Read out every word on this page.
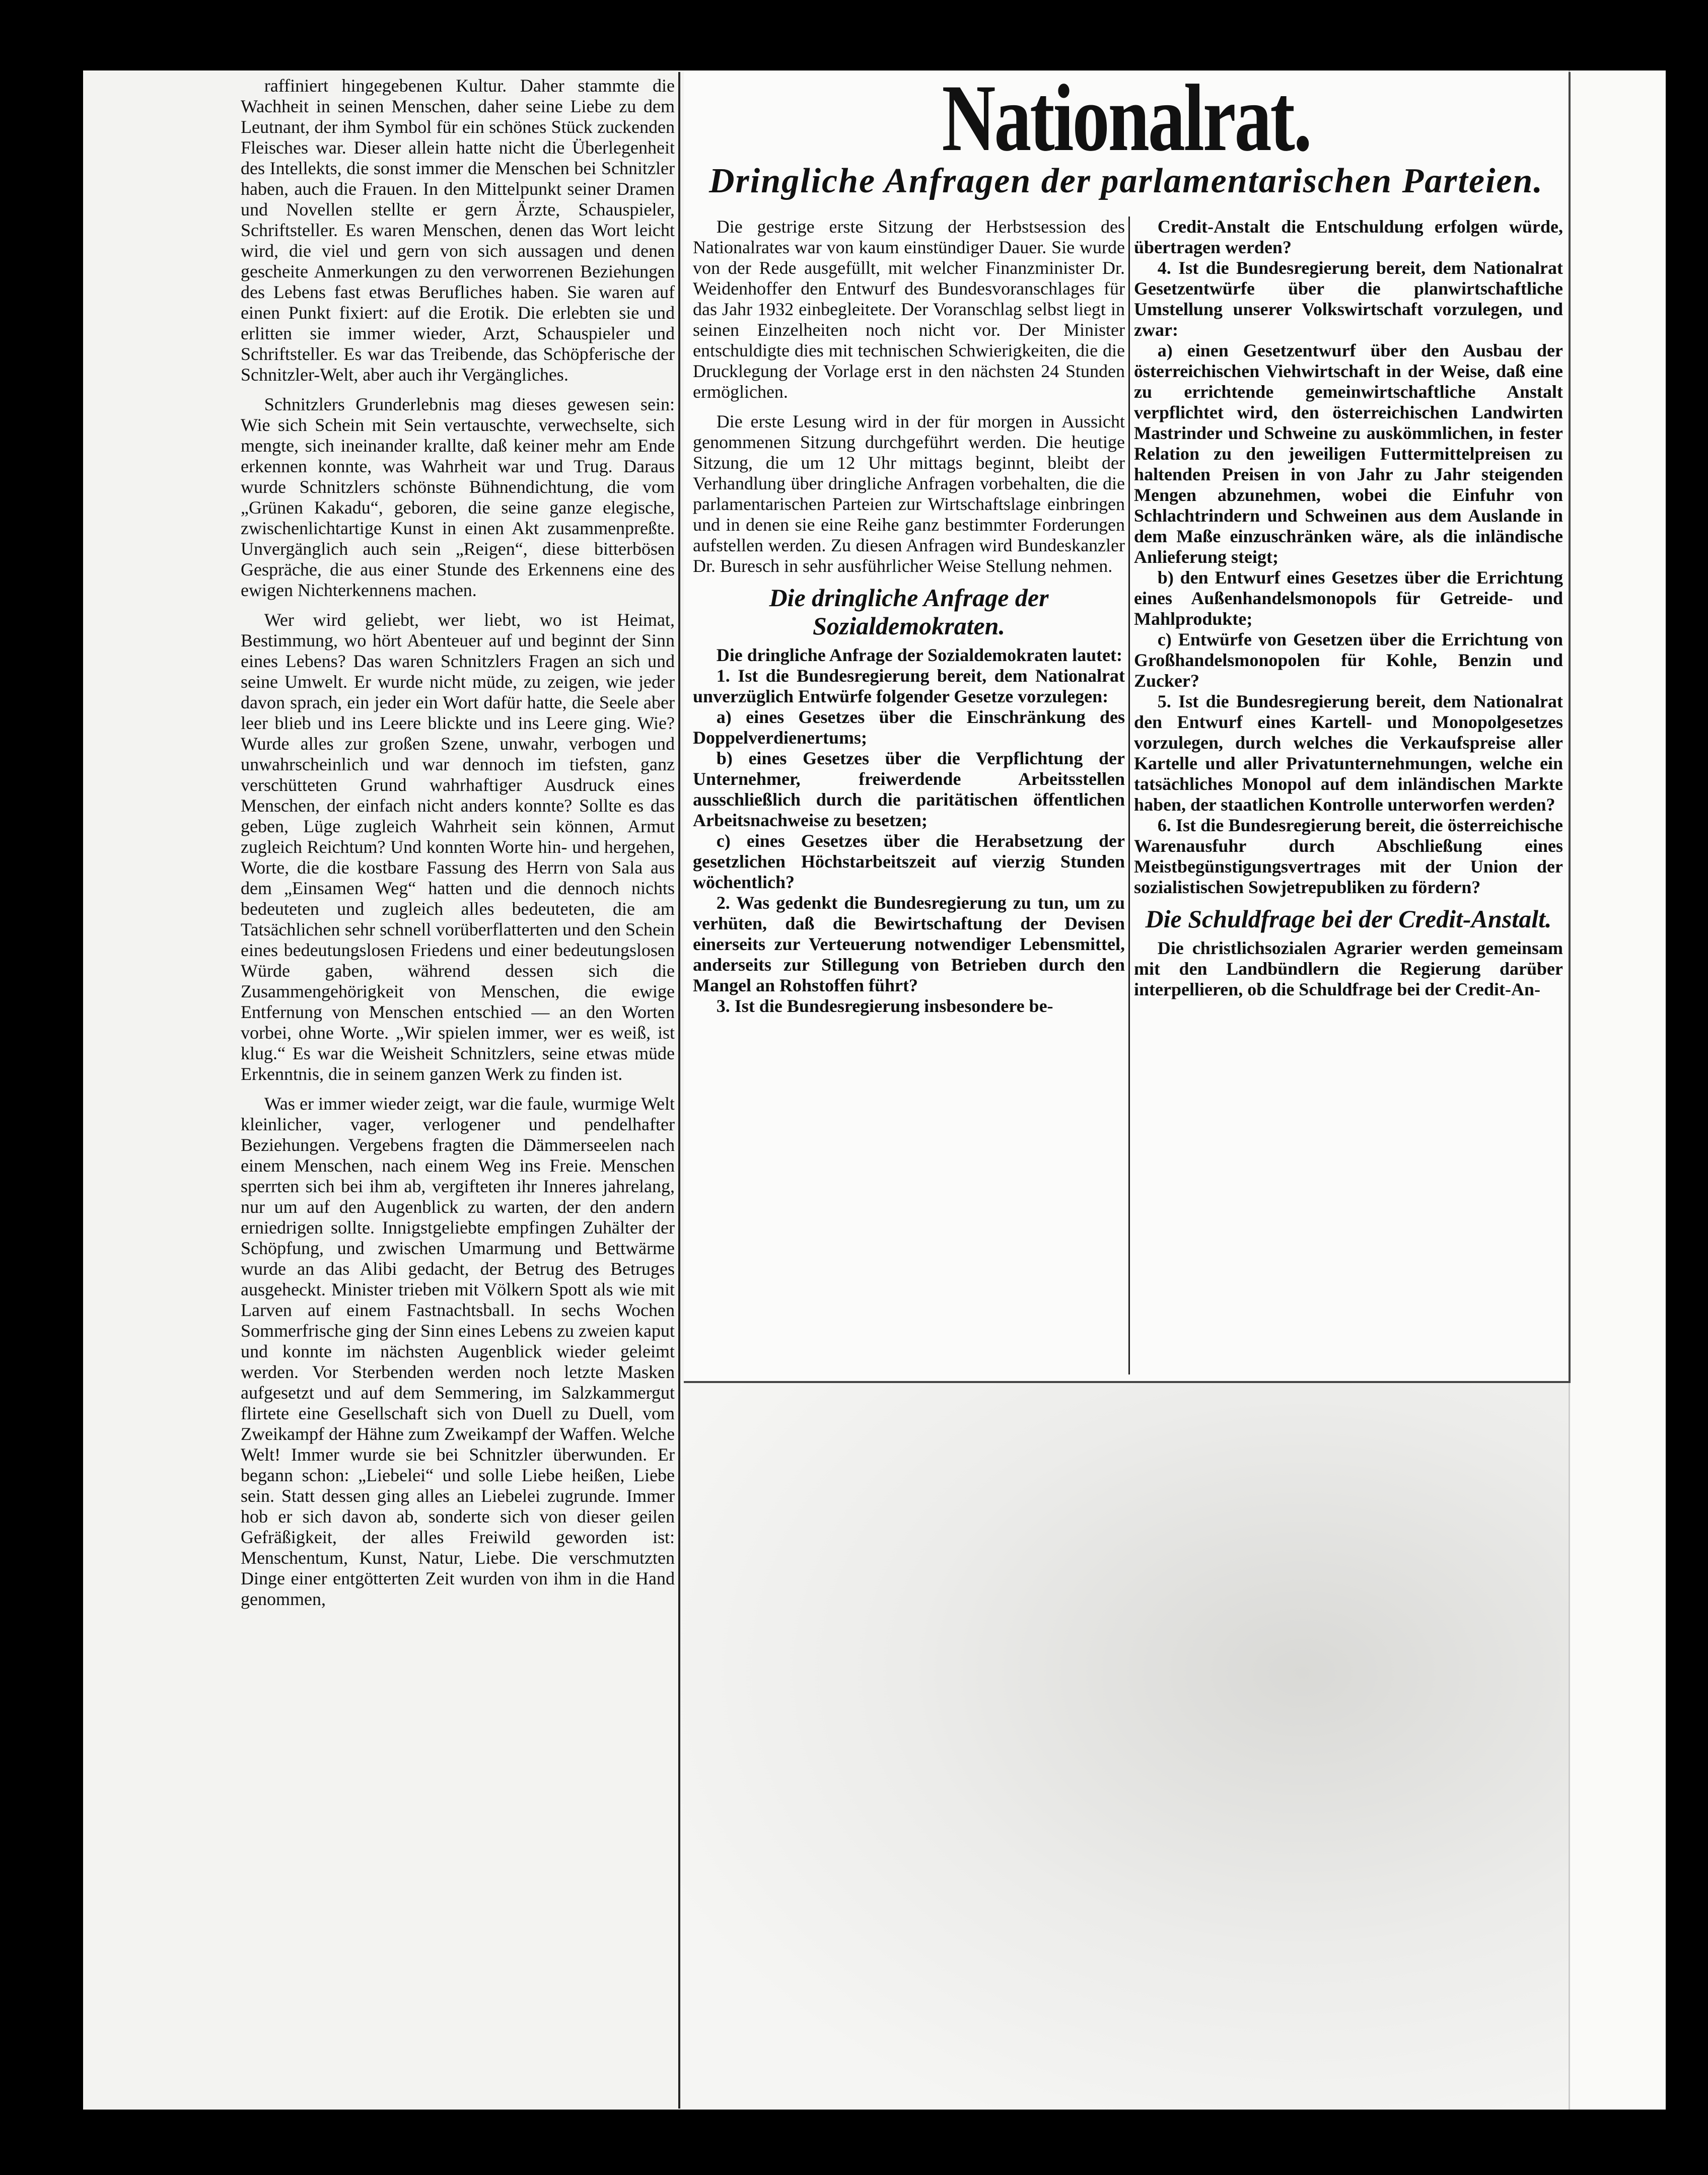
raffiniert hingegebenen Kultur. Daher stammte die Wachheit in seinen Menschen, daher seine Liebe zu dem Leutnant, der ihm Symbol für ein schönes Stück zuckenden Fleisches war. Dieser allein hatte nicht die Überlegenheit des Intellekts, die sonst immer die Menschen bei Schnitzler haben, auch die Frauen. In den Mittelpunkt seiner Dramen und Novellen stellte er gern Ärzte, Schauspieler, Schriftsteller. Es waren Menschen, denen das Wort leicht wird, die viel und gern von sich aussagen und denen gescheite Anmerkungen zu den verworrenen Beziehungen des Lebens fast etwas Berufliches haben. Sie waren auf einen Punkt fixiert: auf die Erotik. Die erlebten sie und erlitten sie immer wieder, Arzt, Schauspieler und Schriftsteller. Es war das Treibende, das Schöpferische der Schnitzler-Welt, aber auch ihr Vergängliches.

Schnitzlers Grunderlebnis mag dieses gewesen sein: Wie sich Schein mit Sein vertauschte, verwechselte, sich mengte, sich ineinander krallte, daß keiner mehr am Ende erkennen konnte, was Wahrheit war und Trug. Daraus wurde Schnitzlers schönste Bühnendichtung, die vom „Grünen Kakadu“, geboren, die seine ganze elegische, zwischenlichtartige Kunst in einen Akt zusammenpreßte. Unvergänglich auch sein „Reigen“, diese bitterbösen Gespräche, die aus einer Stunde des Erkennens eine des ewigen Nichterkennens machen.

Wer wird geliebt, wer liebt, wo ist Heimat, Bestimmung, wo hört Abenteuer auf und beginnt der Sinn eines Lebens? Das waren Schnitzlers Fragen an sich und seine Umwelt. Er wurde nicht müde, zu zeigen, wie jeder davon sprach, ein jeder ein Wort dafür hatte, die Seele aber leer blieb und ins Leere blickte und ins Leere ging. Wie? Wurde alles zur großen Szene, unwahr, verbogen und unwahrscheinlich und war dennoch im tiefsten, ganz verschütteten Grund wahrhaftiger Ausdruck eines Menschen, der einfach nicht anders konnte? Sollte es das geben, Lüge zugleich Wahrheit sein können, Armut zugleich Reichtum? Und konnten Worte hin- und hergehen, Worte, die die kostbare Fassung des Herrn von Sala aus dem „Einsamen Weg“ hatten und die dennoch nichts bedeuteten und zugleich alles bedeuteten, die am Tatsächlichen sehr schnell vorüberflatterten und den Schein eines bedeutungslosen Friedens und einer bedeutungslosen Würde gaben, während dessen sich die Zusammengehörigkeit von Menschen, die ewige Entfernung von Menschen entschied — an den Worten vorbei, ohne Worte. „Wir spielen immer, wer es weiß, ist klug.“ Es war die Weisheit Schnitzlers, seine etwas müde Erkenntnis, die in seinem ganzen Werk zu finden ist.

Was er immer wieder zeigt, war die faule, wurmige Welt kleinlicher, vager, verlogener und pendelhafter Beziehungen. Vergebens fragten die Dämmerseelen nach einem Menschen, nach einem Weg ins Freie. Menschen sperrten sich bei ihm ab, vergifteten ihr Inneres jahrelang, nur um auf den Augenblick zu warten, der den andern erniedrigen sollte. Innigstgeliebte empfingen Zuhälter der Schöpfung, und zwischen Umarmung und Bettwärme wurde an das Alibi gedacht, der Betrug des Betruges ausgeheckt. Minister trieben mit Völkern Spott als wie mit Larven auf einem Fastnachtsball. In sechs Wochen Sommerfrische ging der Sinn eines Lebens zu zweien kaput und konnte im nächsten Augenblick wieder geleimt werden. Vor Sterbenden werden noch letzte Masken aufgesetzt und auf dem Semmering, im Salzkammergut flirtete eine Gesellschaft sich von Duell zu Duell, vom Zweikampf der Hähne zum Zweikampf der Waffen. Welche Welt! Immer wurde sie bei Schnitzler überwunden. Er begann schon: „Liebelei“ und solle Liebe heißen, Liebe sein. Statt dessen ging alles an Liebelei zugrunde. Immer hob er sich davon ab, sonderte sich von dieser geilen Gefräßigkeit, der alles Freiwild geworden ist: Menschentum, Kunst, Natur, Liebe. Die verschmutzten Dinge einer entgötterten Zeit wurden von ihm in die Hand genommen,

Nationalrat.
Dringliche Anfragen der parlamentarischen Parteien.

Die gestrige erste Sitzung der Herbstsession des Nationalrates war von kaum einstündiger Dauer. Sie wurde von der Rede ausgefüllt, mit welcher Finanzminister Dr. Weidenhoffer den Entwurf des Bundesvoranschlages für das Jahr 1932 einbegleitete. Der Voranschlag selbst liegt in seinen Einzelheiten noch nicht vor. Der Minister entschuldigte dies mit technischen Schwierigkeiten, die die Drucklegung der Vorlage erst in den nächsten 24 Stunden ermöglichen.

Die erste Lesung wird in der für morgen in Aussicht genommenen Sitzung durchgeführt werden. Die heutige Sitzung, die um 12 Uhr mittags beginnt, bleibt der Verhandlung über dringliche Anfragen vorbehalten, die die parlamentarischen Parteien zur Wirtschaftslage einbringen und in denen sie eine Reihe ganz bestimmter Forderungen aufstellen werden. Zu diesen Anfragen wird Bundeskanzler Dr. Buresch in sehr ausführlicher Weise Stellung nehmen.

Die dringliche Anfrage der Sozialdemokraten.

Die dringliche Anfrage der Sozialdemokraten lautet:

1. Ist die Bundesregierung bereit, dem Nationalrat unverzüglich Entwürfe folgender Gesetze vorzulegen:

a) eines Gesetzes über die Einschränkung des Doppelverdienertums;

b) eines Gesetzes über die Verpflichtung der Unternehmer, freiwerdende Arbeitsstellen ausschließlich durch die paritätischen öffentlichen Arbeitsnachweise zu besetzen;

c) eines Gesetzes über die Herabsetzung der gesetzlichen Höchstarbeitszeit auf vierzig Stunden wöchentlich?

2. Was gedenkt die Bundesregierung zu tun, um zu verhüten, daß die Bewirtschaftung der Devisen einerseits zur Verteuerung notwendiger Lebensmittel, anderseits zur Stillegung von Betrieben durch den Mangel an Rohstoffen führt?

3. Ist die Bundesregierung insbesondere be-

Credit-Anstalt die Entschuldung erfolgen würde, übertragen werden?

4. Ist die Bundesregierung bereit, dem Nationalrat Gesetzentwürfe über die planwirtschaftliche Umstellung unserer Volkswirtschaft vorzulegen, und zwar:

a) einen Gesetzentwurf über den Ausbau der österreichischen Viehwirtschaft in der Weise, daß eine zu errichtende gemeinwirtschaftliche Anstalt verpflichtet wird, den österreichischen Landwirten Mastrinder und Schweine zu auskömmlichen, in fester Relation zu den jeweiligen Futtermittelpreisen zu haltenden Preisen in von Jahr zu Jahr steigenden Mengen abzunehmen, wobei die Einfuhr von Schlachtrindern und Schweinen aus dem Auslande in dem Maße einzuschränken wäre, als die inländische Anlieferung steigt;

b) den Entwurf eines Gesetzes über die Errichtung eines Außenhandelsmonopols für Getreide- und Mahlprodukte;

c) Entwürfe von Gesetzen über die Errichtung von Großhandelsmonopolen für Kohle, Benzin und Zucker?

5. Ist die Bundesregierung bereit, dem Nationalrat den Entwurf eines Kartell- und Monopolgesetzes vorzulegen, durch welches die Verkaufspreise aller Kartelle und aller Privatunternehmungen, welche ein tatsächliches Monopol auf dem inländischen Markte haben, der staatlichen Kontrolle unterworfen werden?

6. Ist die Bundesregierung bereit, die österreichische Warenausfuhr durch Abschließung eines Meistbegünstigungsvertrages mit der Union der sozialistischen Sowjetrepubliken zu fördern?

Die Schuldfrage bei der Credit-Anstalt.

Die christlichsozialen Agrarier werden gemeinsam mit den Landbündlern die Regierung darüber interpellieren, ob die Schuldfrage bei der Credit-An-
